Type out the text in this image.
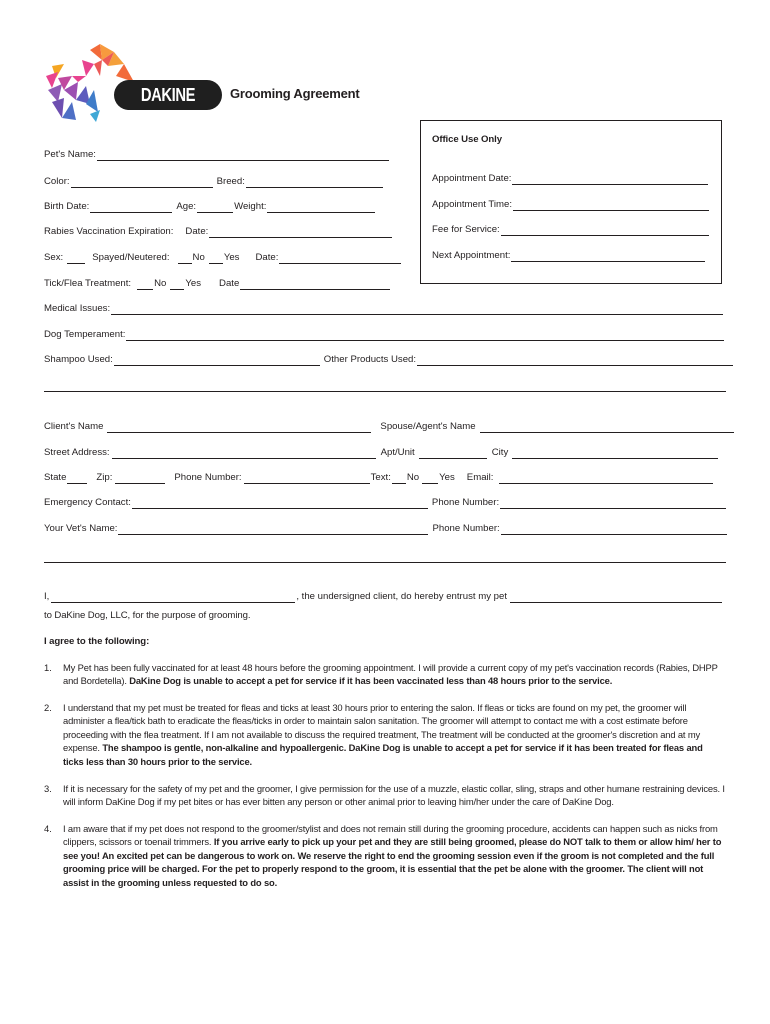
DAKINE DOG
Grooming Agreement
Office Use Only
Appointment Date:
Appointment Time:
Fee for Service:
Next Appointment:
Pet's Name:
Color:	Breed:
Birth Date:	Age:	Weight:
Rabies Vaccination Expiration: Date:
Sex:	Spayed/Neutered: No Yes Date:
Tick/Flea Treatment: No Yes Date
Medical Issues:
Dog Temperament:
Shampoo Used:	Other Products Used:
Client's Name	Spouse/Agent's Name
Street Address:	Apt/Unit	City
State	Zip:	Phone Number:	Text: No Yes Email:
Emergency Contact:	Phone Number:
Your Vet's Name:	Phone Number:
I,	, the undersigned client, do hereby entrust my pet
to DaKine Dog, LLC, for the purpose of grooming.
I agree to the following:
1. My Pet has been fully vaccinated for at least 48 hours before the grooming appointment. I will provide a current copy of my pet's vaccination records (Rabies, DHPP and Bordetella). DaKine Dog is unable to accept a pet for service if it has been vaccinated less than 48 hours prior to the service.
2. I understand that my pet must be treated for fleas and ticks at least 30 hours prior to entering the salon. If fleas or ticks are found on my pet, the groomer will administer a flea/tick bath to eradicate the fleas/ticks in order to maintain salon sanitation. The groomer will attempt to contact me with a cost estimate before proceeding with the flea treatment. If I am not available to discuss the required treatment, The treatment will be conducted at the groomer's discretion and at my expense. The shampoo is gentle, non-alkaline and hypoallergenic. DaKine Dog is unable to accept a pet for service if it has been treated for fleas and ticks less than 30 hours prior to the service.
3. If it is necessary for the safety of my pet and the groomer, I give permission for the use of a muzzle, elastic collar, sling, straps and other humane restraining devices. I will inform DaKine Dog if my pet bites or has ever bitten any person or other animal prior to leaving him/her under the care of DaKine Dog.
4. I am aware that if my pet does not respond to the groomer/stylist and does not remain still during the grooming procedure, accidents can happen such as nicks from clippers, scissors or toenail trimmers. If you arrive early to pick up your pet and they are still being groomed, please do NOT talk to them or allow him/ her to see you! An excited pet can be dangerous to work on. We reserve the right to end the grooming session even if the groom is not completed and the full grooming price will be charged. For the pet to properly respond to the groom, it is essential that the pet be alone with the groomer. The client will not assist in the grooming unless requested to do so.
